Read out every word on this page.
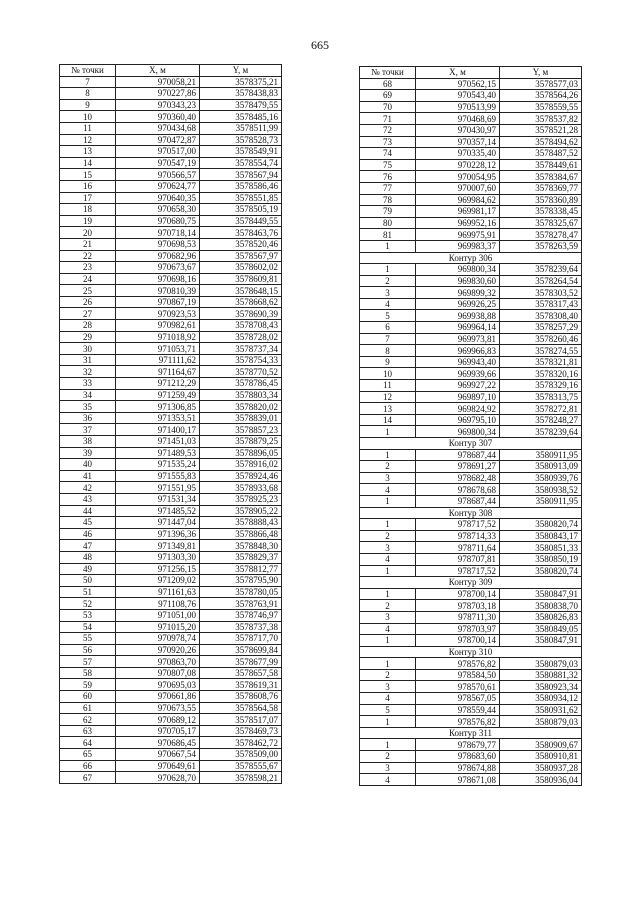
665
№ точки	Х, м	Y, м
7	970058,21	3578375,21
8	970227,86	3578438,83
9	970343,23	3578479,55
10	970360,40	3578485,16
11	970434,68	3578511,99
12	970472,87	3578528,73
13	970517,00	3578549,91
14	970547,19	3578554,74
15	970566,57	3578567,94
16	970624,77	3578586,46
17	970640,35	3578551,85
18	970658,30	3578505,19
19	970680,75	3578449,55
20	970718,14	3578463,76
21	970698,53	3578520,46
22	970682,96	3578567,97
23	970673,67	3578602,02
24	970698,16	3578609,81
25	970810,39	3578648,15
26	970867,19	3578668,62
27	970923,53	3578690,39
28	970982,61	3578708,43
29	971018,92	3578728,02
30	971053,71	3578737,34
31	971111,62	3578754,33
32	971164,67	3578770,52
33	971212,29	3578786,45
34	971259,49	3578803,34
35	971306,85	3578820,02
36	971353,51	3578839,01
37	971400,17	3578857,23
38	971451,03	3578879,25
39	971489,53	3578896,05
40	971535,24	3578916,02
41	971555,83	3578924,46
42	971551,95	3578933,68
43	971531,34	3578925,23
44	971485,52	3578905,22
45	971447,04	3578888,43
46	971396,36	3578866,48
47	971349,81	3578848,30
48	971303,30	3578829,37
49	971256,15	3578812,77
50	971209,02	3578795,90
51	971161,63	3578780,05
52	971108,76	3578763,91
53	971051,00	3578746,97
54	971015,20	3578737,38
55	970978,74	3578717,70
56	970920,26	3578699,84
57	970863,70	3578677,99
58	970807,08	3578657,58
59	970695,03	3578619,31
60	970661,86	3578608,76
61	970673,55	3578564,58
62	970689,12	3578517,07
63	970705,17	3578469,73
64	970686,45	3578462,72
65	970667,54	3578509,00
66	970649,61	3578555,67
67	970628,70	3578598,21
№ точки	Х, м	Y, м
68	970562,15	3578577,03
69	970543,40	3578564,26
70	970513,99	3578559,55
71	970468,69	3578537,82
72	970430,97	3578521,28
73	970357,14	3578494,62
74	970335,40	3578487,52
75	970228,12	3578449,61
76	970054,95	3578384,67
77	970007,60	3578369,77
78	969984,62	3578360,89
79	969981,17	3578338,45
80	969952,16	3578325,67
81	969975,91	3578278,47
1	969983,37	3578263,59
Контур 306		
1	969800,34	3578239,64
2	969830,60	3578264,54
3	969899,32	3578303,52
4	969926,25	3578317,43
5	969938,88	3578308,40
6	969964,14	3578257,29
7	969973,81	3578260,46
8	969966,83	3578274,55
9	969943,40	3578321,81
10	969939,66	3578320,16
11	969927,22	3578329,16
12	969897,10	3578313,75
13	969824,92	3578272,81
14	969795,10	3578248,27
1	969800,34	3578239,64
Контур 307		
1	978687,44	3580911,95
2	978691,27	3580913,09
3	978682,48	3580939,76
4	978678,68	3580938,52
1	978687,44	3580911,95
Контур 308		
1	978717,52	3580820,74
2	978714,33	3580843,17
3	978711,64	3580851,33
4	978707,81	3580850,19
1	978717,52	3580820,74
Контур 309		
1	978700,14	3580847,91
2	978703,18	3580838,70
3	978711,30	3580826,83
4	978703,97	3580849,05
1	978700,14	3580847,91
Контур 310		
1	978576,82	3580879,03
2	978584,50	3580881,32
3	978570,61	3580923,34
4	978567,05	3580934,12
5	978559,44	3580931,62
1	978576,82	3580879,03
Контур 311		
1	978679,77	3580909,67
2	978683,60	3580910,81
3	978674,88	3580937,28
4	978671,08	3580936,04
